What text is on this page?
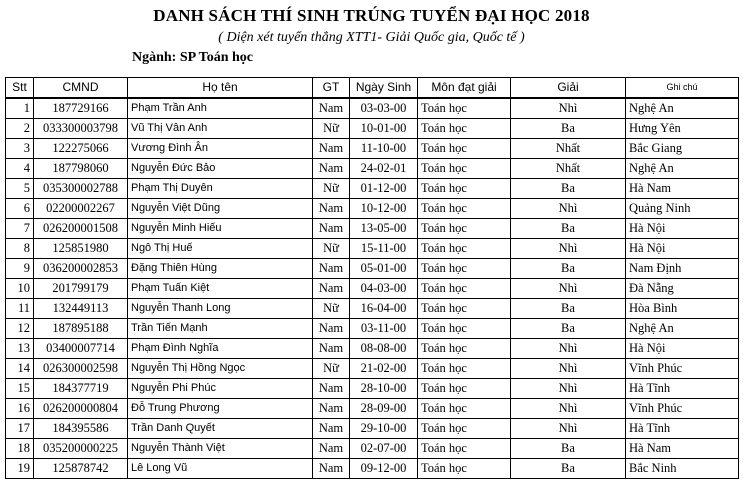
DANH SÁCH THÍ SINH TRÚNG TUYỂN ĐẠI HỌC 2018
( Diện xét tuyển thẳng XTT1- Giải Quốc gia, Quốc tế )
Ngành: SP Toán học
Stt	CMND	Họ tên	GT	Ngày Sinh	Môn đạt giải	Giải	Ghi chú
1	187729166	Phạm Trần Anh	Nam	03-03-00	Toán học	Nhì	Nghệ An
2	033300003798	Vũ Thị Vân Anh	Nữ	10-01-00	Toán học	Ba	Hưng Yên
3	122275066	Vương Đình Ân	Nam	11-10-00	Toán học	Nhất	Bắc Giang
4	187798060	Nguyễn Đức Bảo	Nam	24-02-01	Toán học	Nhất	Nghệ An
5	035300002788	Phạm Thị Duyên	Nữ	01-12-00	Toán học	Ba	Hà Nam
6	02200002267	Nguyễn Việt Dũng	Nam	10-12-00	Toán học	Nhì	Quảng Ninh
7	026200001508	Nguyễn Minh Hiếu	Nam	13-05-00	Toán học	Ba	Hà Nội
8	125851980	Ngô Thị Huế	Nữ	15-11-00	Toán học	Nhì	Hà Nội
9	036200002853	Đặng Thiên Hùng	Nam	05-01-00	Toán học	Ba	Nam Định
10	201799179	Phạm Tuấn Kiệt	Nam	04-03-00	Toán học	Nhì	Đà Nẵng
11	132449113	Nguyễn Thanh Long	Nữ	16-04-00	Toán học	Ba	Hòa Bình
12	187895188	Trần Tiến Mạnh	Nam	03-11-00	Toán học	Ba	Nghệ An
13	03400007714	Phạm Đình Nghĩa	Nam	08-08-00	Toán học	Nhì	Hà Nội
14	026300002598	Nguyễn Thị Hồng Ngọc	Nữ	21-02-00	Toán học	Nhì	Vĩnh Phúc
15	184377719	Nguyễn Phi Phúc	Nam	28-10-00	Toán học	Nhì	Hà Tĩnh
16	026200000804	Đỗ Trung Phương	Nam	28-09-00	Toán học	Nhì	Vĩnh Phúc
17	184395586	Trần Danh Quyết	Nam	29-10-00	Toán học	Nhì	Hà Tĩnh
18	035200000225	Nguyễn Thành Việt	Nam	02-07-00	Toán học	Ba	Hà Nam
19	125878742	Lê Long Vũ	Nam	09-12-00	Toán học	Ba	Bắc Ninh
